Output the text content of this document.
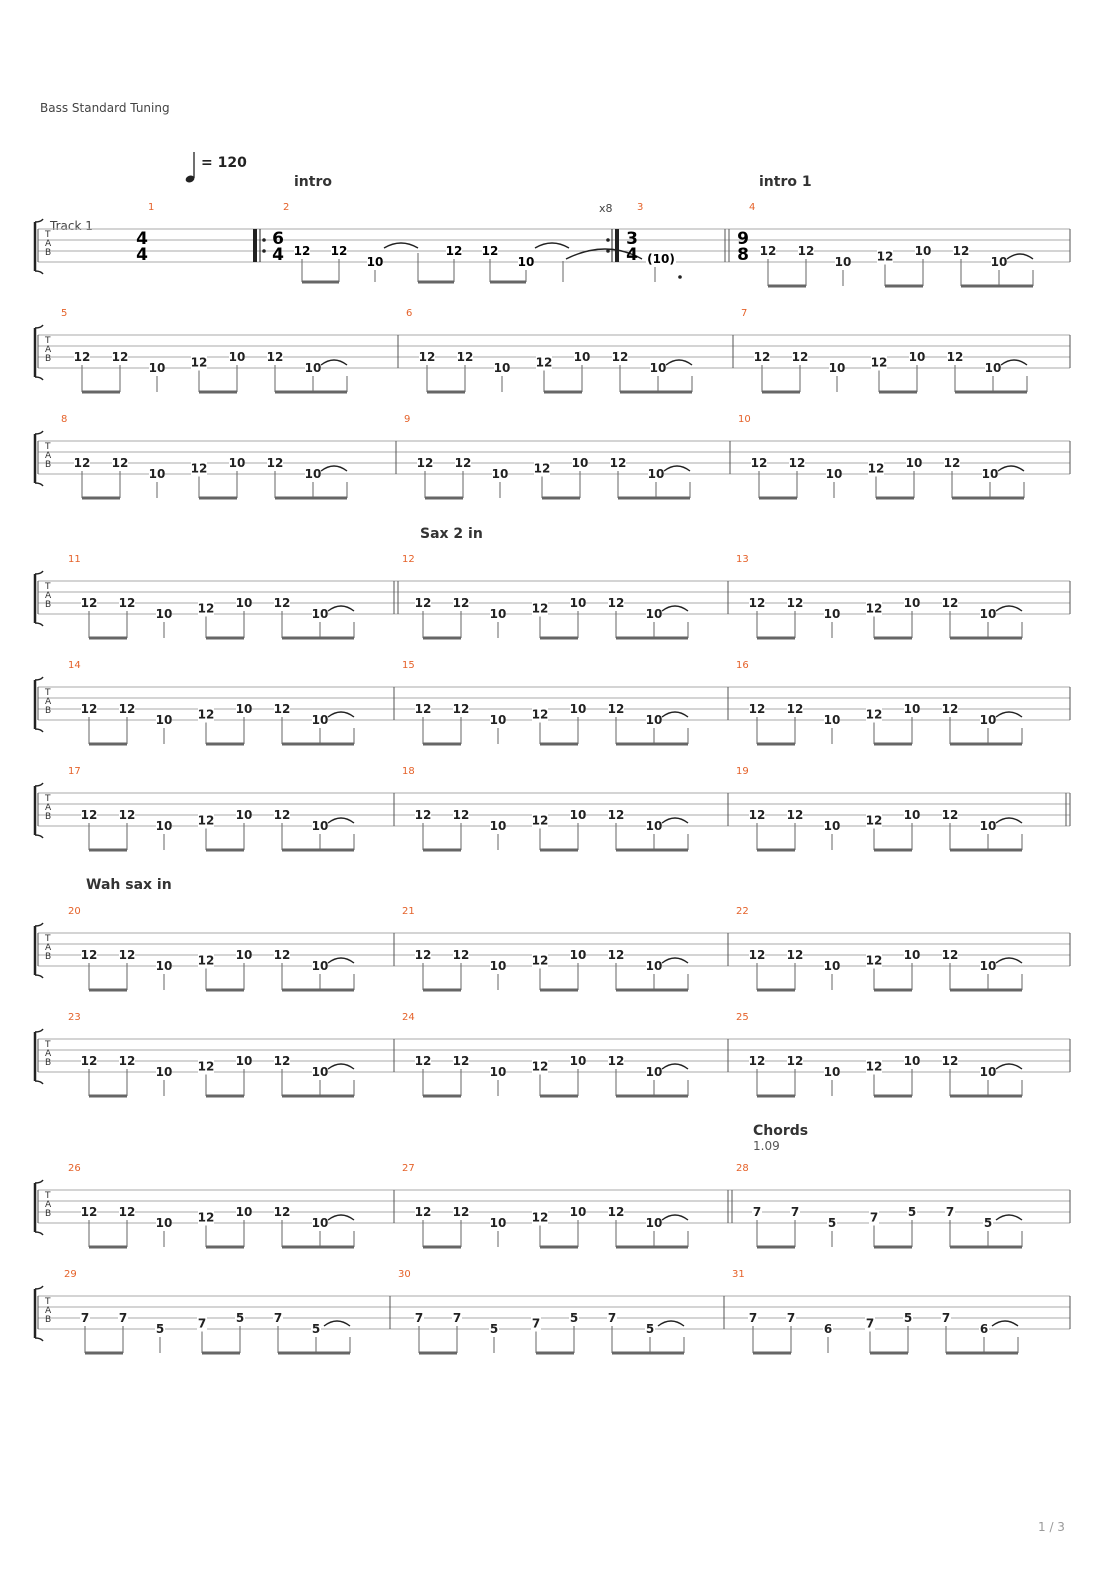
Bass Standard Tuning
Track 1
= 120
intro	intro 1
Sax 2 in
Wah sax in
Chords
1.09
x8
T
A
B
1
4
4
2
6
4 12 12
10
12 12
10
3
3
4 (10)
4
9
8 12 12
10 12 10 12
10
T
A
B
5
12 12
10 12 10 12
10
6
12 12
10 12 10 12
10
7
12 12
10 12 10 12
10
T
A
B
8
12 12
10 12 10 12
10
9
12 12
10 12 10 12
10
10
12 12
10 12 10 12
10
T
A
B
11
12 12
10 12 10 12
10
12
12 12
10 12 10 12
10
13
12 12
10 12 10 12
10
T
A
B
14
12 12
10 12 10 12
10
15
12 12
10 12 10 12
10
16
12 12
10 12 10 12
10
T
A
B
17
12 12
10 12 10 12
10
18
12 12
10 12 10 12
10
19
12 12
10 12 10 12
10
T
A
B
20
12 12
10 12 10 12
10
21
12 12
10 12 10 12
10
22
12 12
10 12 10 12
10
T
A
B
23
12 12
10 12 10 12
10
24
12 12
10 12 10 12
10
25
12 12
10 12 10 12
10
T
A
B
26
12 12
10 12 10 12
10
27
12 12
10 12 10 12
10
28
7 7
5	7 5 7
5
T
A
B
29
7 7
5	7 5 7
5
30
7 7
5	7 5 7
5
31
7 7
6	7 5 7
6
1 / 3
